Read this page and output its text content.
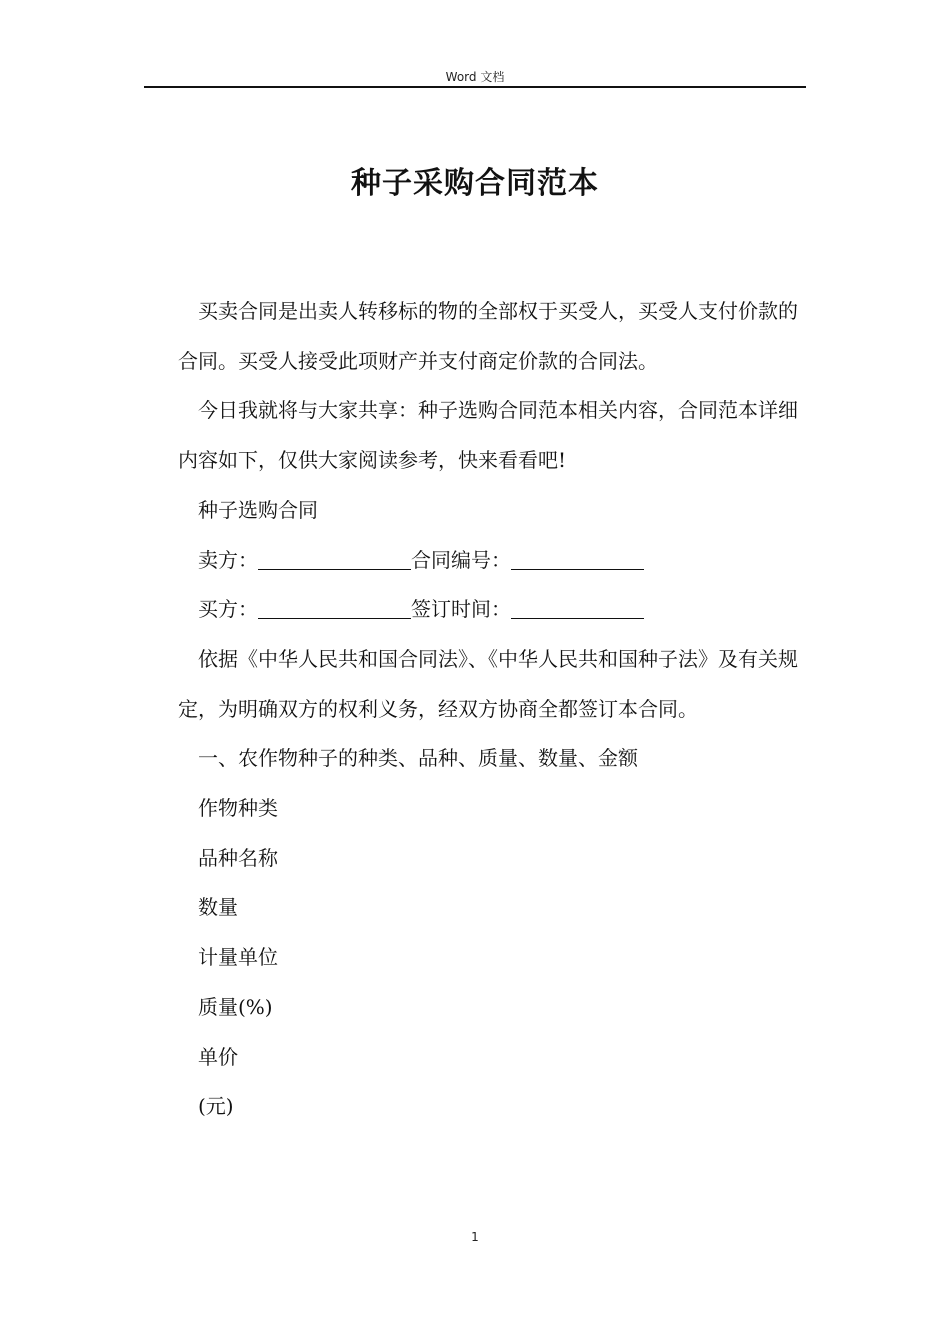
Word 文档
种子采购合同范本

买卖合同是出卖人转移标的物的全部权于买受人，买受人支付价款的合同。买受人接受此项财产并支付商定价款的合同法。

今日我就将与大家共享：种子选购合同范本相关内容，合同范本详细内容如下，仅供大家阅读参考，快来看看吧!

种子选购合同

卖方：	合同编号：

买方：	签订时间：

依据《中华人民共和国合同法》、《中华人民共和国种子法》及有关规定，为明确双方的权利义务，经双方协商全都签订本合同。

一、农作物种子的种类、品种、质量、数量、金额

作物种类

品种名称

数量

计量单位

质量(%)

单价

(元)

1
